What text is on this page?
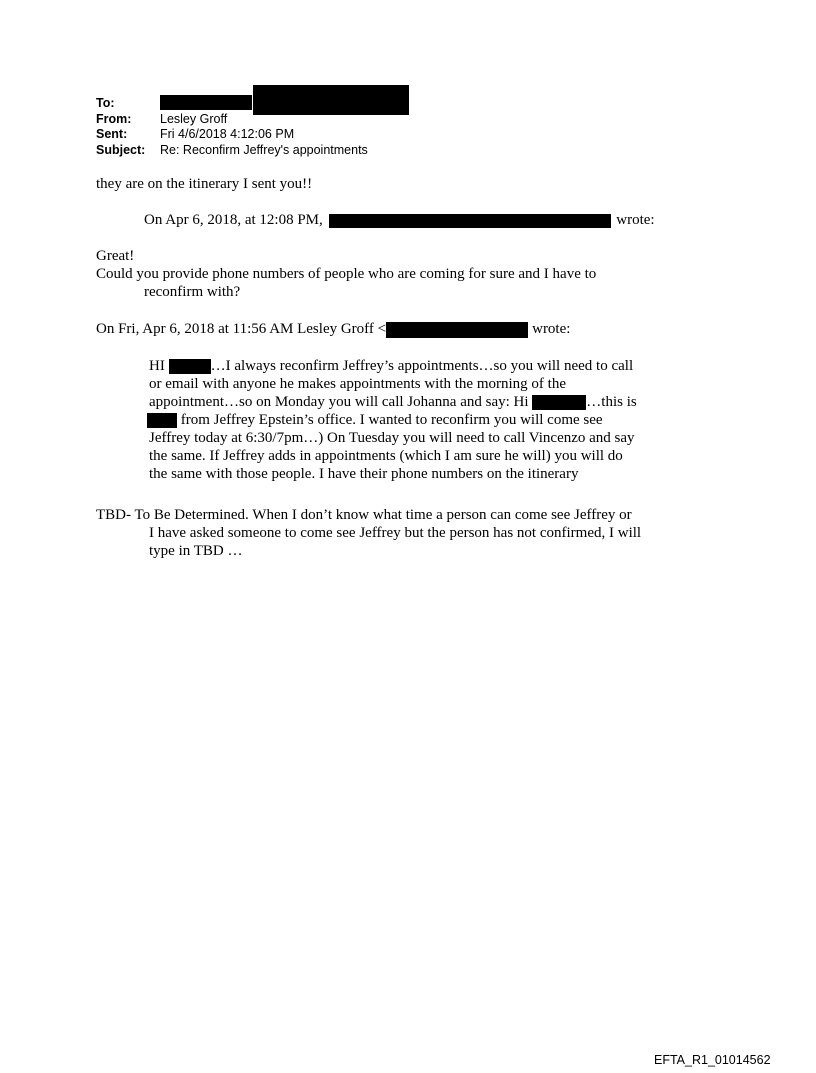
To:
From:	Lesley Groff
Sent:	Fri 4/6/2018 4:12:06 PM
Subject:	Re: Reconfirm Jeffrey's appointments
they are on the itinerary I sent you!!
On Apr 6, 2018, at 12:08 PM,	wrote:
Great!
Could you provide phone numbers of people who are coming for sure and I have to
reconfirm with?
On Fri, Apr 6, 2018 at 11:56 AM Lesley Groff <	wrote:
HI	…I always reconfirm Jeffrey’s appointments…so you will need to call
or email with anyone he makes appointments with the morning of the
appointment…so on Monday you will call Johanna and say: Hi	…this is
from Jeffrey Epstein’s office. I wanted to reconfirm you will come see
Jeffrey today at 6:30/7pm…) On Tuesday you will need to call Vincenzo and say
the same. If Jeffrey adds in appointments (which I am sure he will) you will do
the same with those people. I have their phone numbers on the itinerary
TBD- To Be Determined. When I don’t know what time a person can come see Jeffrey or
I have asked someone to come see Jeffrey but the person has not confirmed, I will
type in TBD …
EFTA_R1_01014562
